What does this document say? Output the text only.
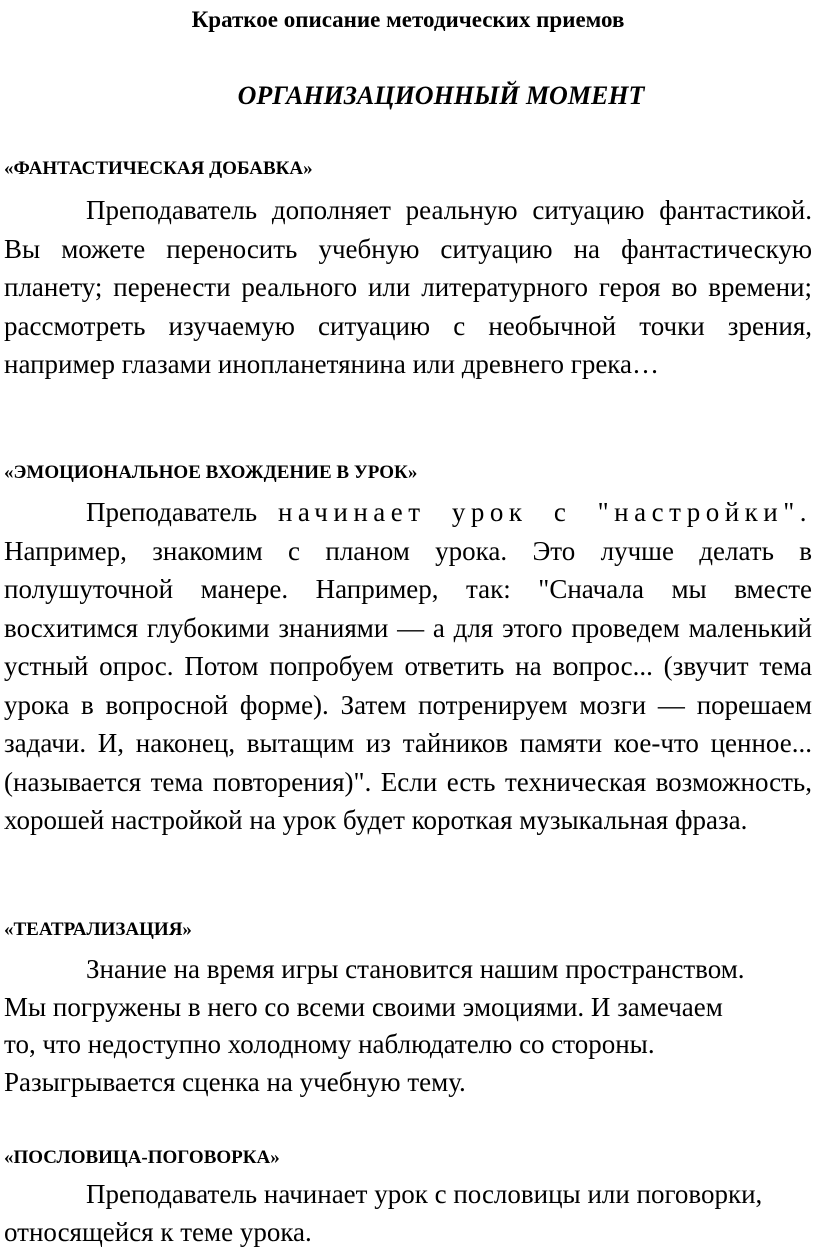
Краткое описание методических приемов
ОРГАНИЗАЦИОННЫЙ МОМЕНТ
«ФАНТАСТИЧЕСКАЯ ДОБАВКА»

Преподаватель дополняет реальную ситуацию фантастикой. Вы можете переносить учебную ситуацию на фантастическую планету; перенести реального или литературного героя во времени; рассмотреть изучаемую ситуацию с необычной точки зрения, например глазами инопланетянина или древнего грека…

«ЭМОЦИОНАЛЬНОЕ ВХОЖДЕНИЕ В УРОК»

Преподаватель начинает урок с "настройки". Например, знакомим с планом урока. Это лучше делать в полушуточной манере. Например, так: "Сначала мы вместе восхитимся глубокими знаниями — а для этого проведем маленький устный опрос. Потом попробуем ответить на вопрос... (звучит тема урока в вопросной форме). Затем потренируем мозги — порешаем задачи. И, наконец, вытащим из тайников памяти кое-что ценное... (называется тема повторения)". Если есть техническая возможность, хорошей настройкой на урок будет короткая музыкальная фраза.

«ТЕАТРАЛИЗАЦИЯ»

Знание на время игры становится нашим пространством.
Мы погружены в него со всеми своими эмоциями. И замечаем
то, что недоступно холодному наблюдателю со стороны.
Разыгрывается сценка на учебную тему.

«ПОСЛОВИЦА-ПОГОВОРКА»

Преподаватель начинает урок с пословицы или поговорки,
относящейся к теме урока.
